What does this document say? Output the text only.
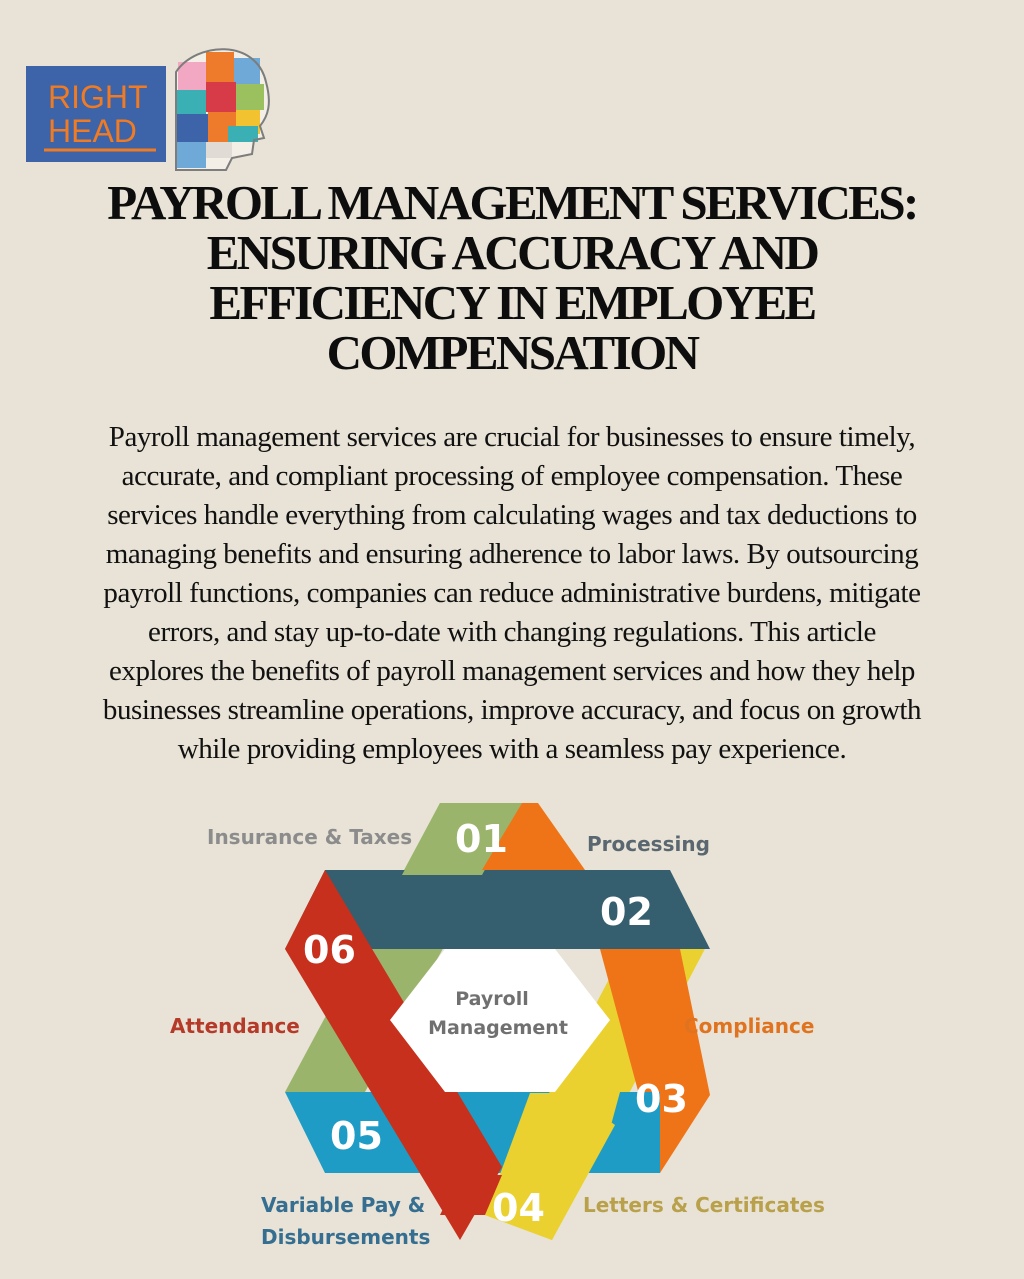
RIGHT
HEAD
PAYROLL MANAGEMENT SERVICES:
ENSURING ACCURACY AND
EFFICIENCY IN EMPLOYEE
COMPENSATION
Payroll management services are crucial for businesses to ensure timely,
accurate, and compliant processing of employee compensation. These
services handle everything from calculating wages and tax deductions to
managing benefits and ensuring adherence to labor laws. By outsourcing
payroll functions, companies can reduce administrative burdens, mitigate
errors, and stay up-to-date with changing regulations. This article
explores the benefits of payroll management services and how they help
businesses streamline operations, improve accuracy, and focus on growth
while providing employees with a seamless pay experience.
01
02
03
04
05
06
Payroll
Management
Insurance & Taxes	Processing
Compliance
Letters & Certificates
Variable Pay &
Disbursements
Attendance
